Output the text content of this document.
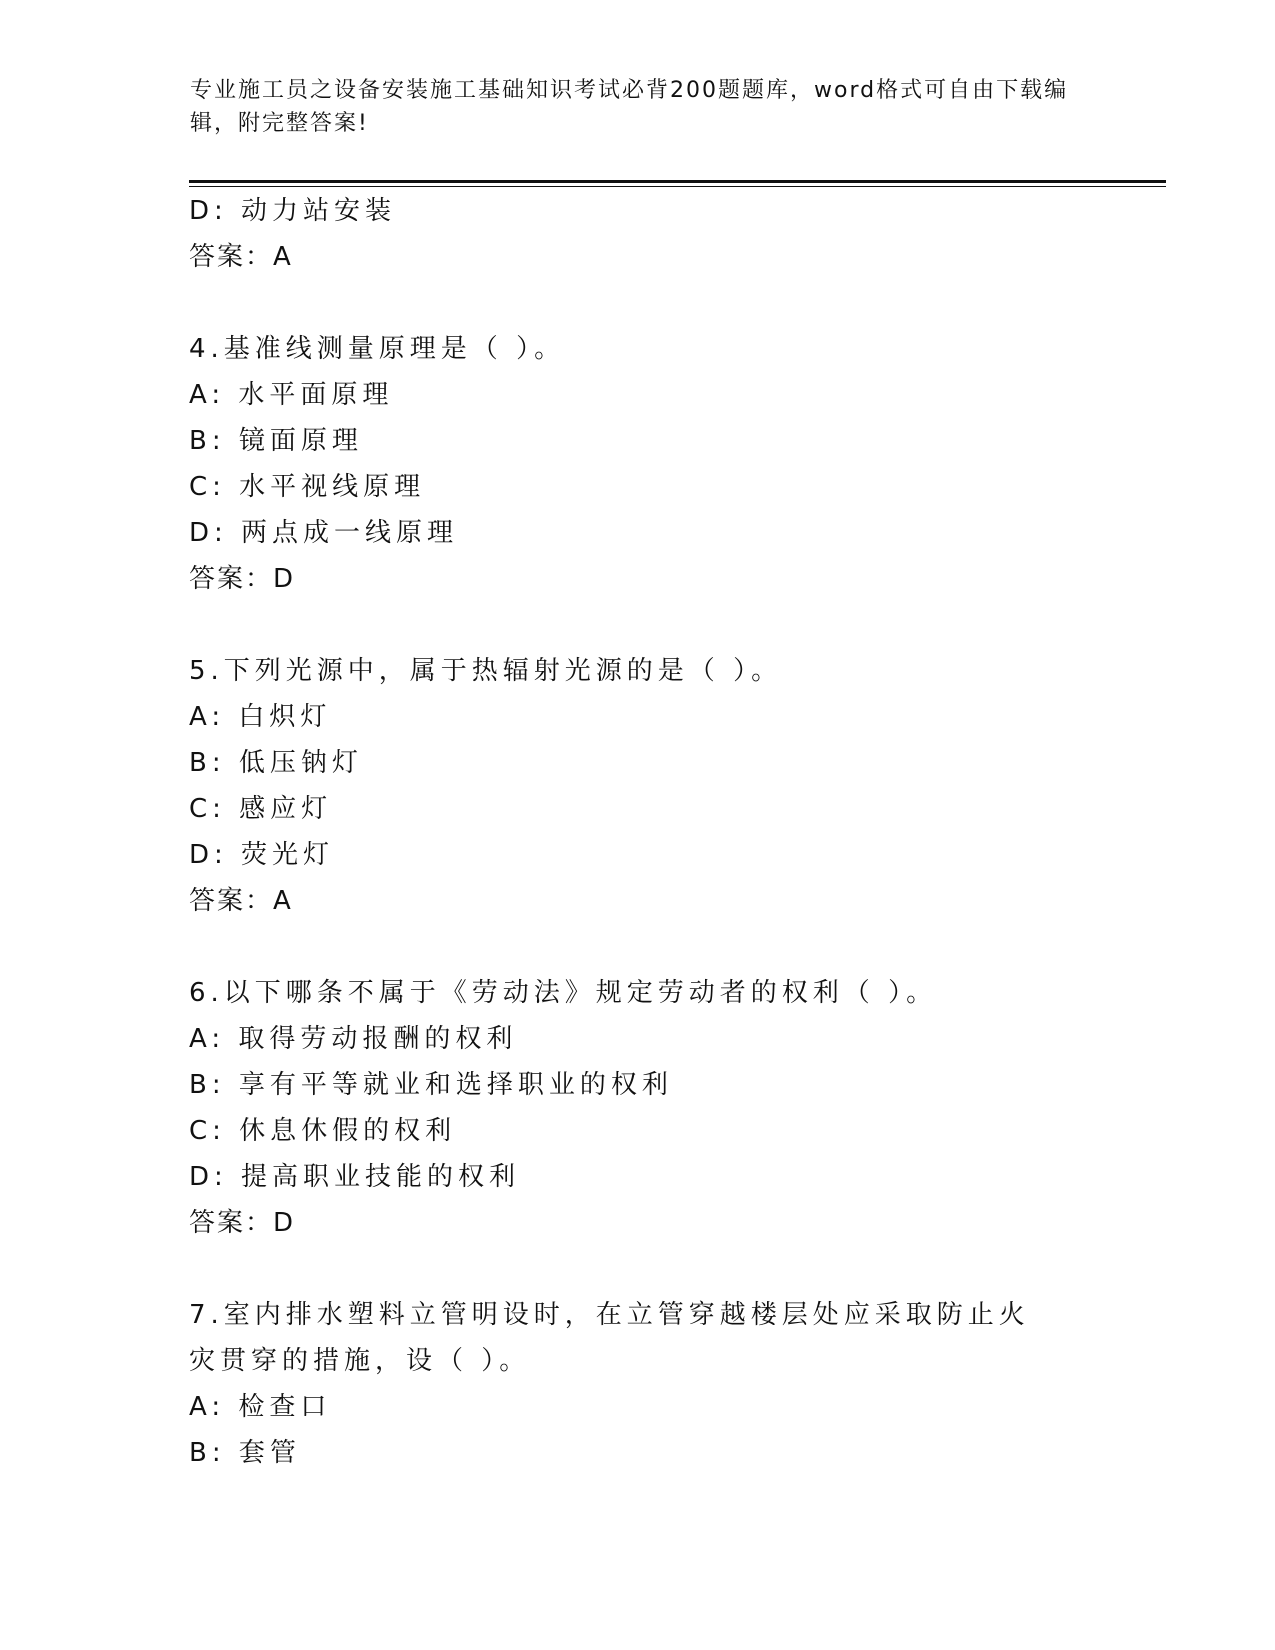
专业施工员之设备安装施工基础知识考试必背200题题库，word格式可自由下载编辑，附完整答案!
D: 动力站安装
答案：A
4.基准线测量原理是（ ）。
A: 水平面原理
B: 镜面原理
C: 水平视线原理
D: 两点成一线原理
答案：D
5.下列光源中，属于热辐射光源的是（ ）。
A: 白炽灯
B: 低压钠灯
C: 感应灯
D: 荧光灯
答案：A
6.以下哪条不属于《劳动法》规定劳动者的权利（ ）。
A: 取得劳动报酬的权利
B: 享有平等就业和选择职业的权利
C: 休息休假的权利
D: 提高职业技能的权利
答案：D
7.室内排水塑料立管明设时，在立管穿越楼层处应采取防止火灾贯穿的措施，设（ ）。
A: 检查口
B: 套管
